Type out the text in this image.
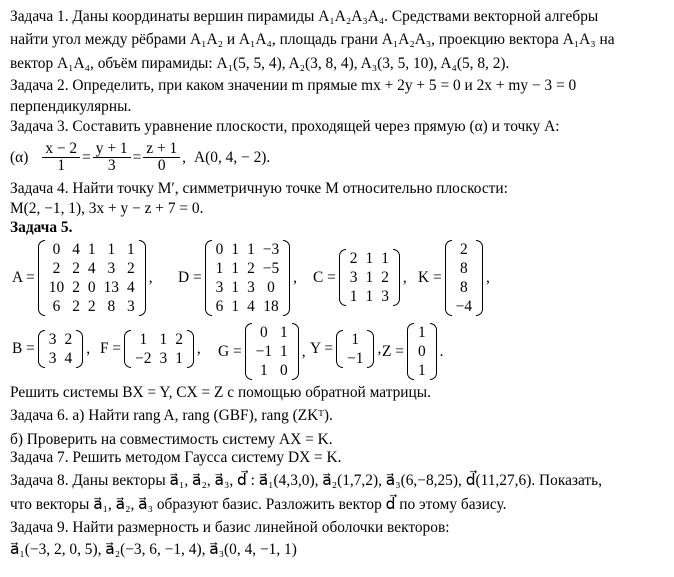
Задача 1. Даны координаты вершин пирамиды A₁A₂A₃A₄. Средствами векторной алгебры
найти угол между рёбрами A₁A₂ и A₁A₄, площадь грани A₁A₂A₃, проекцию вектора A₁A₃ на
вектор A₁A₄, объём пирамиды: A₁(5, 5, 4), A₂(3, 8, 4), A₃(3, 5, 10), A₄(5, 8, 2).
Задача 2. Определить, при каком значении m прямые mx + 2y + 5 = 0 и 2x + my − 3 = 0
перпендикулярны.
Задача 3. Составить уравнение плоскости, проходящей через прямую (α) и точку А:
$(\alpha) \frac{x - 2}{1} = \frac{y + 1}{3} = \frac{z + 1}{0}$ , A(0, 4, − 2).
Задача 4. Найти точку M′, симметричную точке M относительно плоскости:
M(2, −1, 1), 3x + y − z + 7 = 0.
Задача 5.
A =
0	4	1	1	1
2	2	4	3	2
10	2	0	13	4
6	2	2	8	3
, D =
0	1	1	−3
1	1	2	−5
3	1	3	0
6	1	4	18
, C =
2	1	1
3	1	2
1	1	3
, K =
2
8
8
−4
,
B =
3	2
3	4
, F =
1	1	2
−2	3	1
, G =
0	1
−1	1
1	0
, Y =
1
−1
, Z =
1
0
1
.
Решить системы BX = Y, CX = Z с помощью обратной матрицы.
Задача 6. а) Найти rang A, rang (GBF), rang (ZKᵀ).
б) Проверить на совместимость систему AX = K.
Задача 7. Решить методом Гаусса систему DX = K.
Задача 8. Даны векторы a⃗₁, a⃗₂, a⃗₃, d⃗ : a⃗₁(4,3,0), a⃗₂(1,7,2), a⃗₃(6,−8,25), d⃗(11,27,6). Показать,
что векторы a⃗₁, a⃗₂, a⃗₃ образуют базис. Разложить вектор d⃗ по этому базису.
Задача 9. Найти размерность и базис линейной оболочки векторов:
a⃗₁(−3, 2, 0, 5), a⃗₂(−3, 6, −1, 4), a⃗₃(0, 4, −1, 1)
